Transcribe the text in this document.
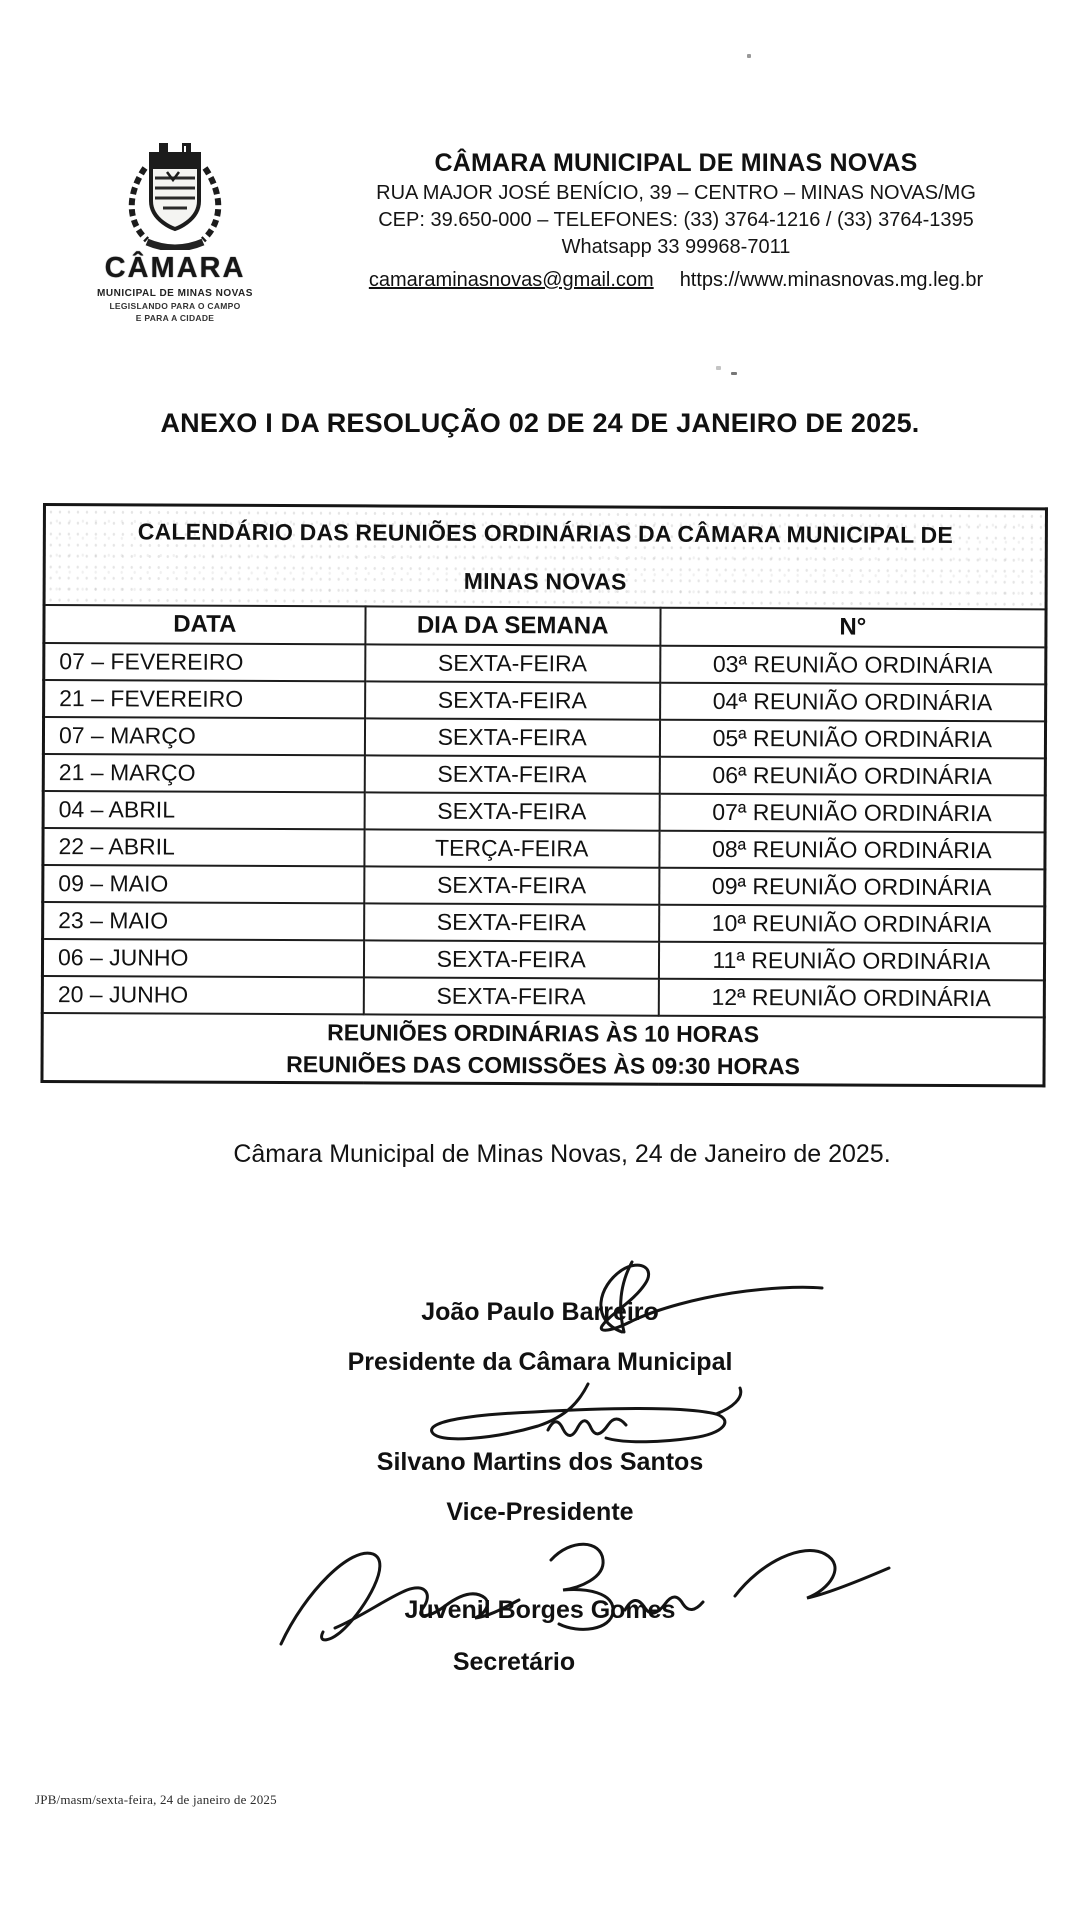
CÂMARA
MUNICIPAL DE MINAS NOVAS
LEGISLANDO PARA O CAMPO
E PARA A CIDADE
CÂMARA MUNICIPAL DE MINAS NOVAS
RUA MAJOR JOSÉ BENÍCIO, 39 – CENTRO – MINAS NOVAS/MG
CEP: 39.650-000 – TELEFONES: (33) 3764-1216 / (33) 3764-1395
Whatsapp 33 99968-7011
camaraminasnovas@gmail.com https://www.minasnovas.mg.leg.br
ANEXO I DA RESOLUÇÃO 02 DE 24 DE JANEIRO DE 2025.
CALENDÁRIO DAS REUNIÕES ORDINÁRIAS DA CÂMARA MUNICIPAL DE
MINAS NOVAS		

DATA	DIA DA SEMANA	N°
07 – FEVEREIRO	SEXTA-FEIRA	03ª REUNIÃO ORDINÁRIA
21 – FEVEREIRO	SEXTA-FEIRA	04ª REUNIÃO ORDINÁRIA
07 – MARÇO	SEXTA-FEIRA	05ª REUNIÃO ORDINÁRIA
21 – MARÇO	SEXTA-FEIRA	06ª REUNIÃO ORDINÁRIA
04 – ABRIL	SEXTA-FEIRA	07ª REUNIÃO ORDINÁRIA
22 – ABRIL	TERÇA-FEIRA	08ª REUNIÃO ORDINÁRIA
09 – MAIO	SEXTA-FEIRA	09ª REUNIÃO ORDINÁRIA
23 – MAIO	SEXTA-FEIRA	10ª REUNIÃO ORDINÁRIA
06 – JUNHO	SEXTA-FEIRA	11ª REUNIÃO ORDINÁRIA
20 – JUNHO	SEXTA-FEIRA	12ª REUNIÃO ORDINÁRIA

REUNIÕES ORDINÁRIAS ÀS 10 HORAS
REUNIÕES DAS COMISSÕES ÀS 09:30 HORAS		
Câmara Municipal de Minas Novas, 24 de Janeiro de 2025.
João Paulo Barreiro
Presidente da Câmara Municipal
Silvano Martins dos Santos
Vice-Presidente
Juvenil Borges Gomes
Secretário
JPB/masm/sexta-feira, 24 de janeiro de 2025
